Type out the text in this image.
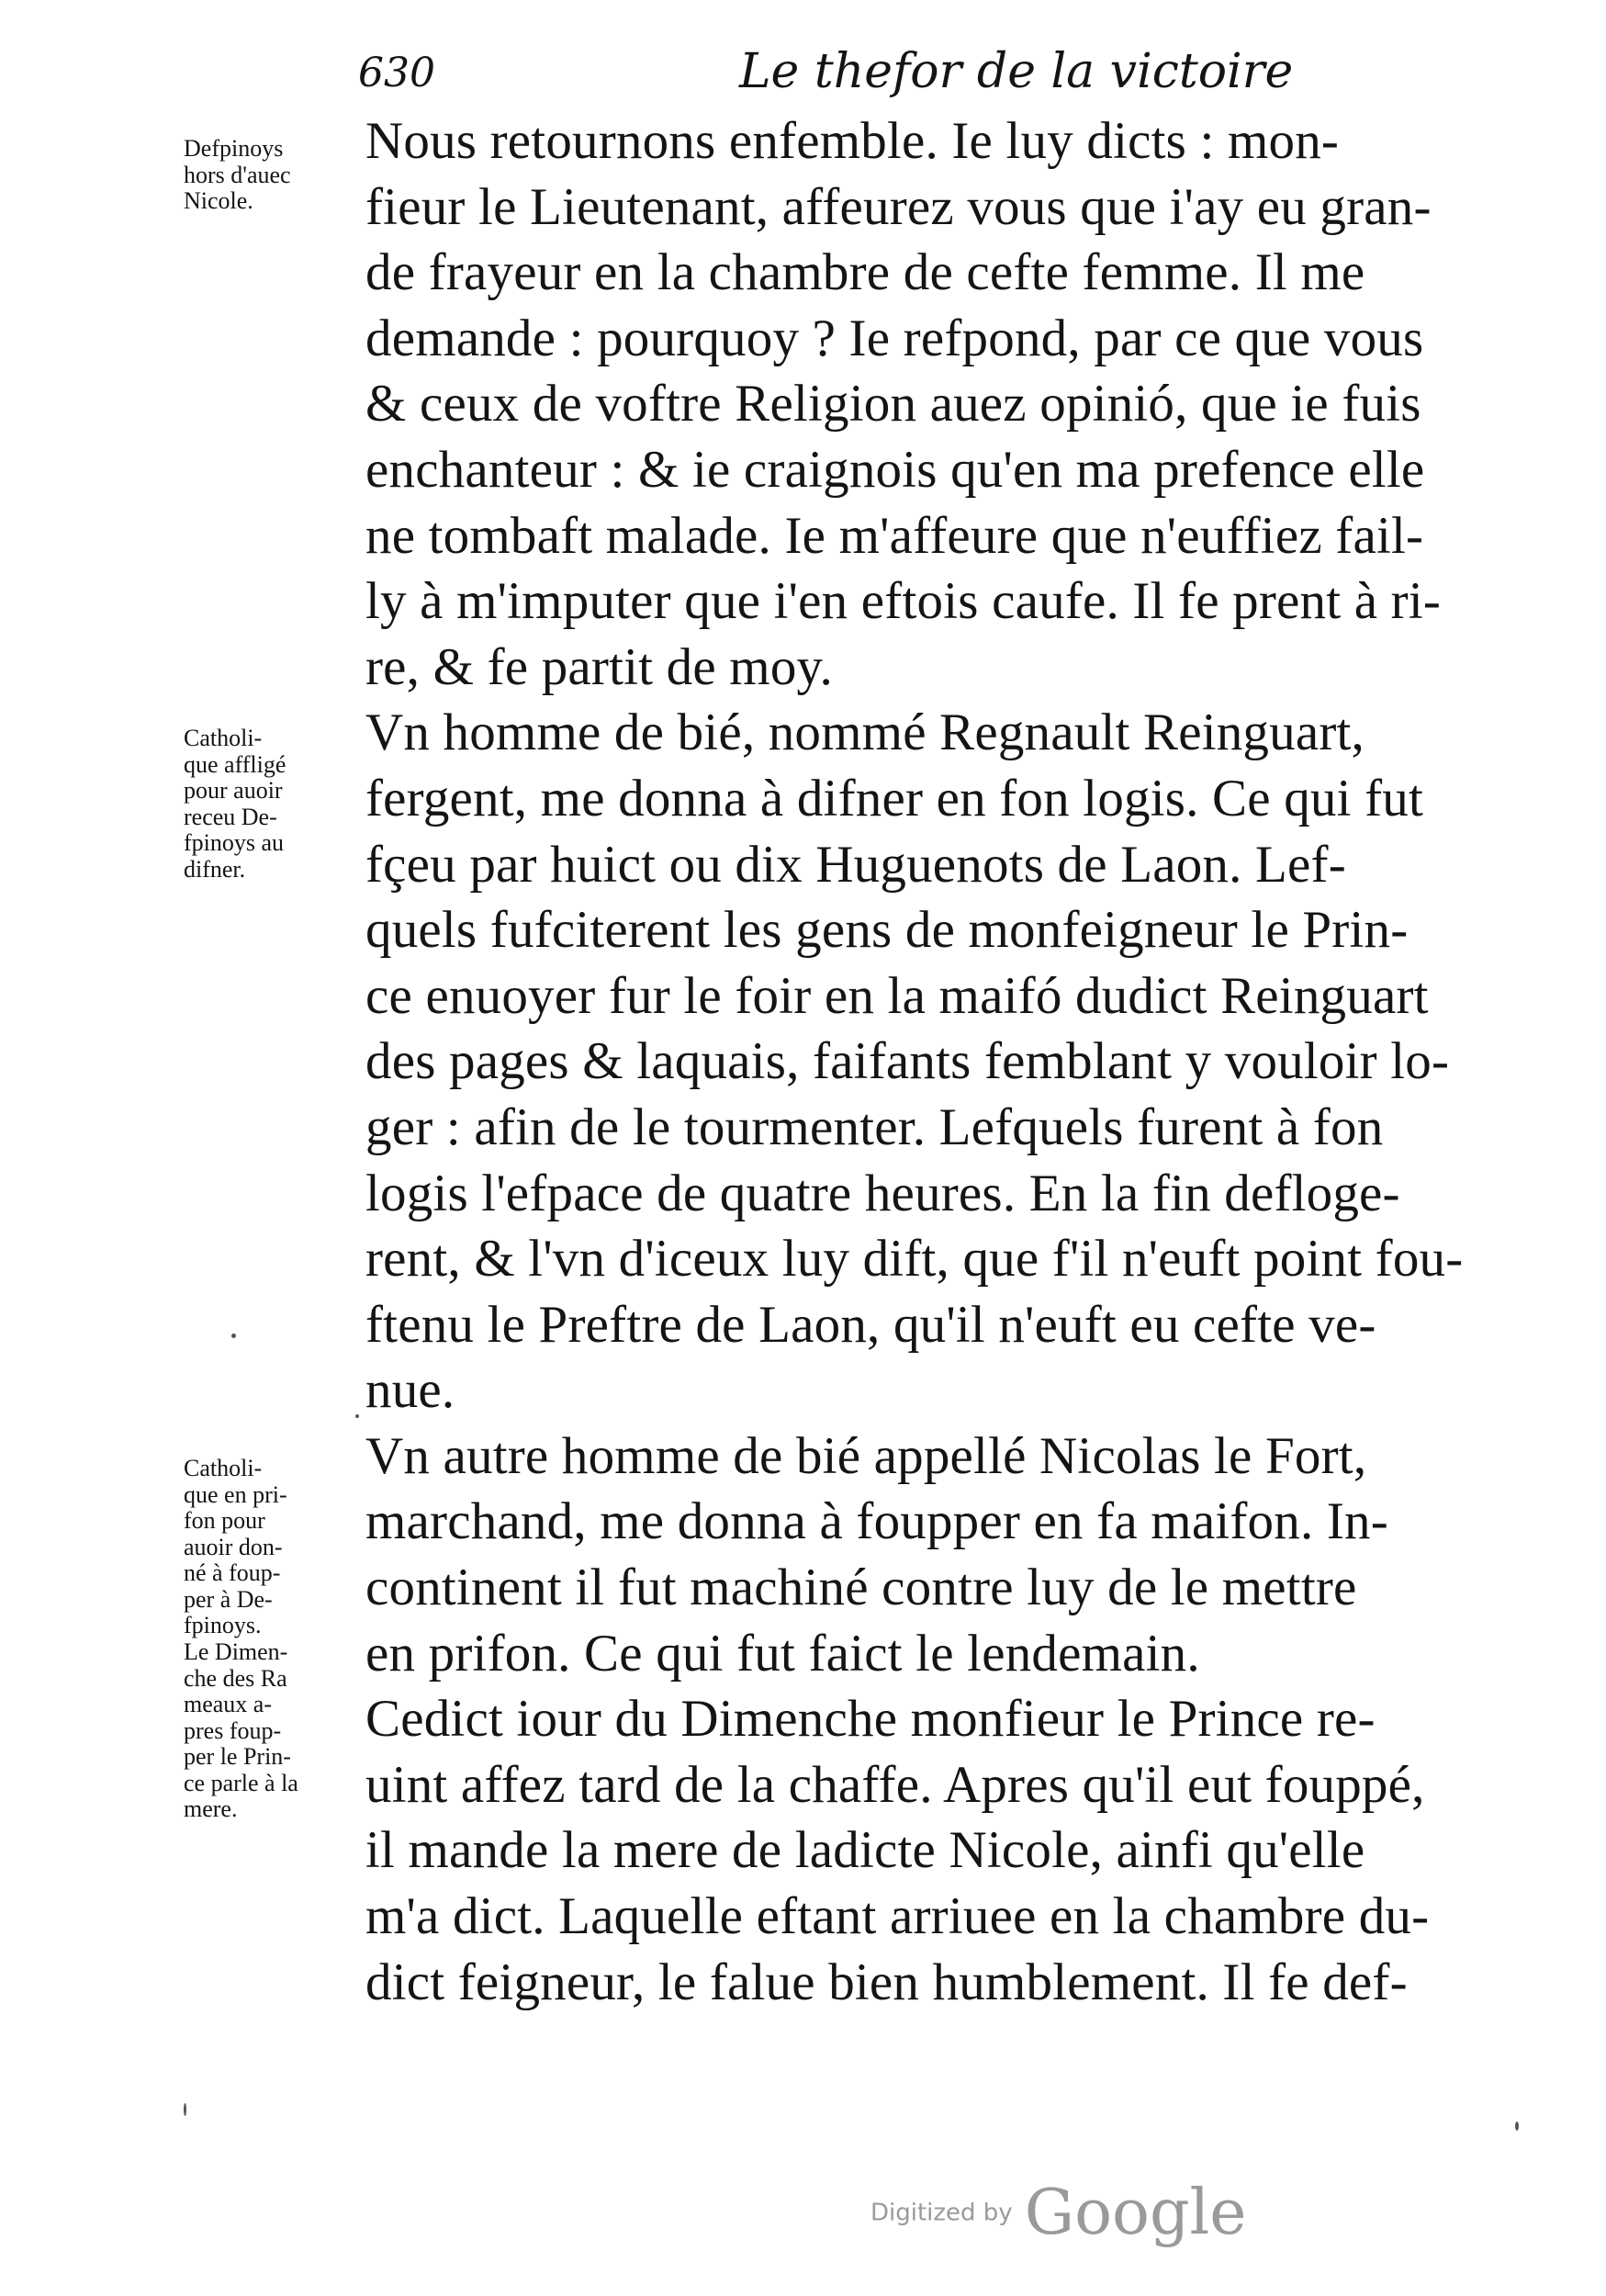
630	Le thefor de la victoire
Defpinoys
hors d'auec
Nicole.
Catholi-
que affligé
pour auoir
receu De-
fpinoys au
difner.
Catholi-
que en pri-
fon pour
auoir don-
né à foup-
per à De-
fpinoys.
Le Dimen-
che des Ra
meaux a-
pres foup-
per le Prin-
ce parle à la
mere.
Nous retournons enfemble. Ie luy dicts : mon-
fieur le Lieutenant, affeurez vous que i'ay eu gran-
de frayeur en la chambre de cefte femme. Il me
demande : pourquoy ? Ie refpond, par ce que vous
& ceux de voftre Religion auez opinió, que ie fuis
enchanteur : & ie craignois qu'en ma prefence elle
ne tombaft malade. Ie m'affeure que n'euffiez fail-
ly à m'imputer que i'en eftois caufe. Il fe prent à ri-
re, & fe partit de moy.
Vn homme de bié, nommé Regnault Reinguart,
fergent, me donna à difner en fon logis. Ce qui fut
fçeu par huict ou dix Huguenots de Laon. Lef-
quels fufciterent les gens de monfeigneur le Prin-
ce enuoyer fur le foir en la maifó dudict Reinguart
des pages & laquais, faifants femblant y vouloir lo-
ger : afin de le tourmenter. Lefquels furent à fon
logis l'efpace de quatre heures. En la fin defloge-
rent, & l'vn d'iceux luy dift, que f'il n'euft point fou-
ftenu le Preftre de Laon, qu'il n'euft eu cefte ve-
nue.
Vn autre homme de bié appellé Nicolas le Fort,
marchand, me donna à foupper en fa maifon. In-
continent il fut machiné contre luy de le mettre
en prifon. Ce qui fut faict le lendemain.
Cedict iour du Dimenche monfieur le Prince re-
uint affez tard de la chaffe. Apres qu'il eut fouppé,
il mande la mere de ladicte Nicole, ainfi qu'elle
m'a dict. Laquelle eftant arriuee en la chambre du-
dict feigneur, le falue bien humblement. Il fe def-
Digitized by Google
